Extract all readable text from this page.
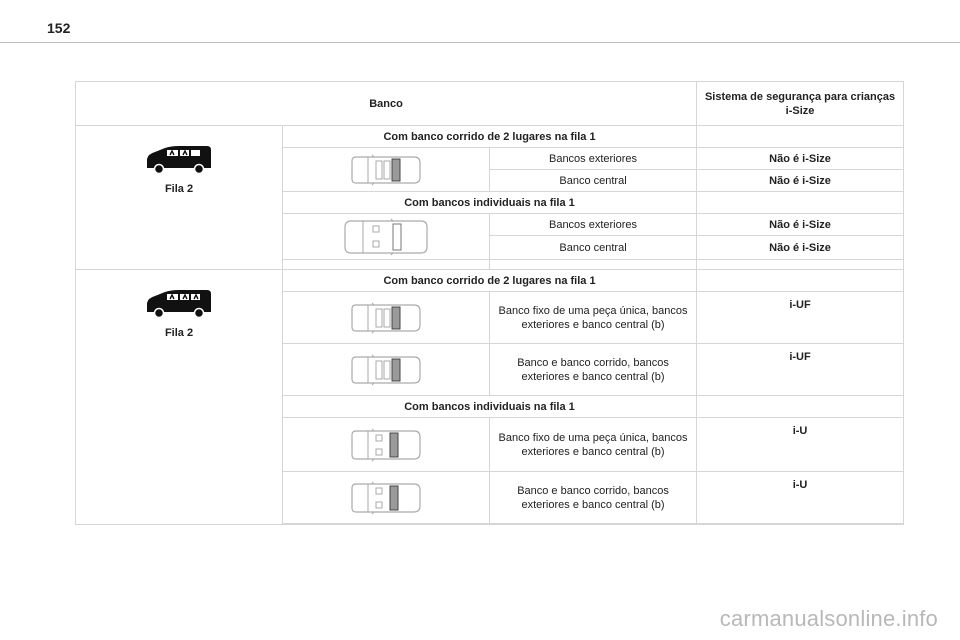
152
Banco			Sistema de segurança para crianças i-Size

Fila 2	Com banco corrido de 2 lugares na fila 1		

	Bancos exteriores	Não é i-Size
		Banco central	Não é i-Size
	Com bancos individuais na fila 1		

	Bancos exteriores	Não é i-Size
		Banco central	Não é i-Size

Fila 2	Com banco corrido de 2 lugares na fila 1		

	Banco fixo de uma peça única, bancos exteriores e banco central (b)	i-UF

	Banco e banco corrido, bancos exteriores e banco central (b)	i-UF
	Com bancos individuais na fila 1		

	Banco fixo de uma peça única, bancos exteriores e banco central (b)	i-U

	Banco e banco corrido, bancos exteriores e banco central (b)	i-U

carmanualsonline.info
